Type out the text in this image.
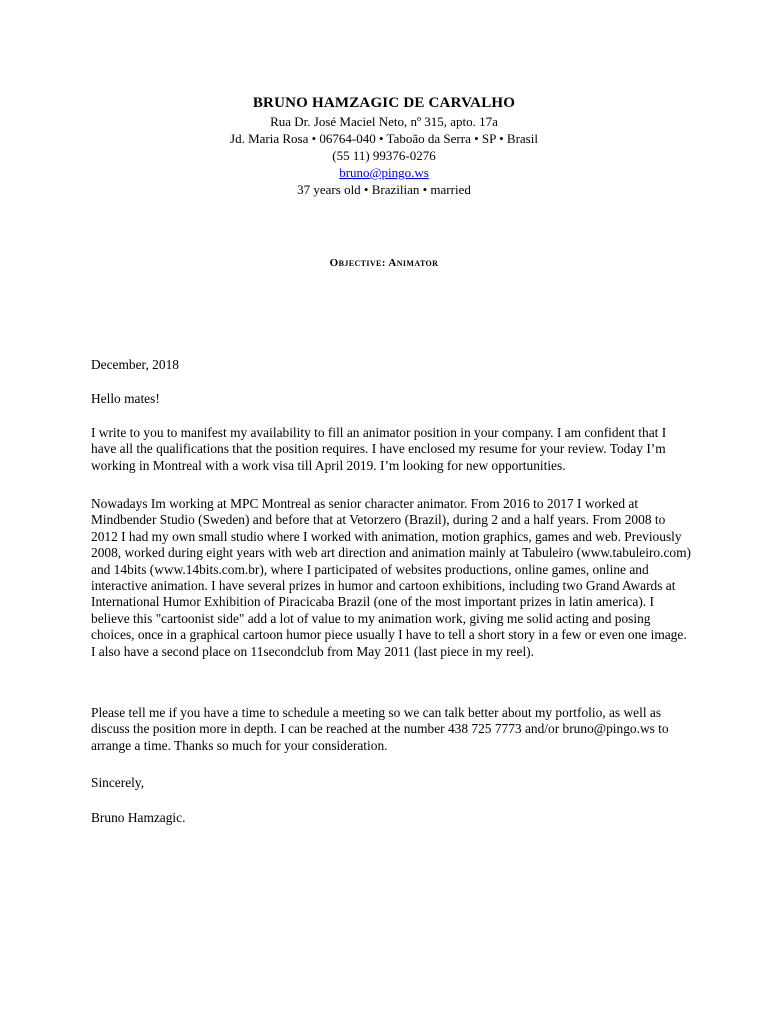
BRUNO HAMZAGIC DE CARVALHO

Rua Dr. José Maciel Neto, nº 315, apto. 17a

Jd. Maria Rosa • 06764-040 • Taboão da Serra • SP • Brasil

(55 11) 99376-0276

bruno@pingo.ws

37 years old • Brazilian • married

Objective: Animator

December, 2018

Hello mates!

I write to you to manifest my availability to fill an animator position in your company. I am confident that I have all the qualifications that the position requires. I have enclosed my resume for your review. Today I’m working in Montreal with a work visa till April 2019. I’m looking for new opportunities.

Nowadays Im working at MPC Montreal as senior character animator. From 2016 to 2017 I worked at Mindbender Studio (Sweden) and before that at Vetorzero (Brazil), during 2 and a half years. From 2008 to 2012 I had my own small studio where I worked with animation, motion graphics, games and web. Previously 2008, worked during eight years with web art direction and animation mainly at Tabuleiro (www.tabuleiro.com) and 14bits (www.14bits.com.br), where I participated of websites productions, online games, online and interactive animation. I have several prizes in humor and cartoon exhibitions, including two Grand Awards at International Humor Exhibition of Piracicaba Brazil (one of the most important prizes in latin america). I believe this "cartoonist side" add a lot of value to my animation work, giving me solid acting and posing choices, once in a graphical cartoon humor piece usually I have to tell a short story in a few or even one image. I also have a second place on 11secondclub from May 2011 (last piece in my reel).

Please tell me if you have a time to schedule a meeting so we can talk better about my portfolio, as well as discuss the position more in depth. I can be reached at the number 438 725 7773 and/or bruno@pingo.ws to arrange a time. Thanks so much for your consideration.

Sincerely,

Bruno Hamzagic.
